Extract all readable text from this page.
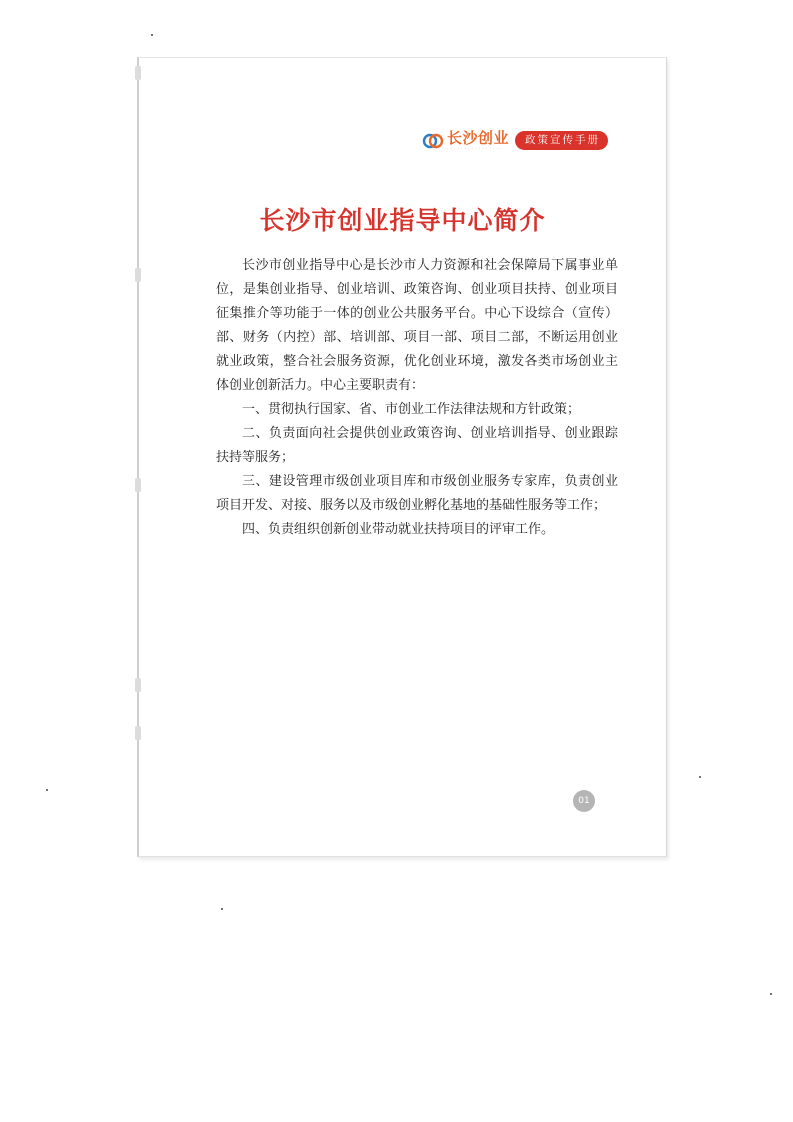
长沙创业
· · · · · · · · · · · · · · · ·
政策宣传手册
长沙市创业指导中心简介

长沙市创业指导中心是长沙市人力资源和社会保障局下属事业单位，是集创业指导、创业培训、政策咨询、创业项目扶持、创业项目征集推介等功能于一体的创业公共服务平台。中心下设综合（宣传）部、财务（内控）部、培训部、项目一部、项目二部，不断运用创业就业政策，整合社会服务资源，优化创业环境，激发各类市场创业主体创业创新活力。中心主要职责有：

一、贯彻执行国家、省、市创业工作法律法规和方针政策；

二、负责面向社会提供创业政策咨询、创业培训指导、创业跟踪扶持等服务；

三、建设管理市级创业项目库和市级创业服务专家库，负责创业项目开发、对接、服务以及市级创业孵化基地的基础性服务等工作；

四、负责组织创新创业带动就业扶持项目的评审工作。

01
